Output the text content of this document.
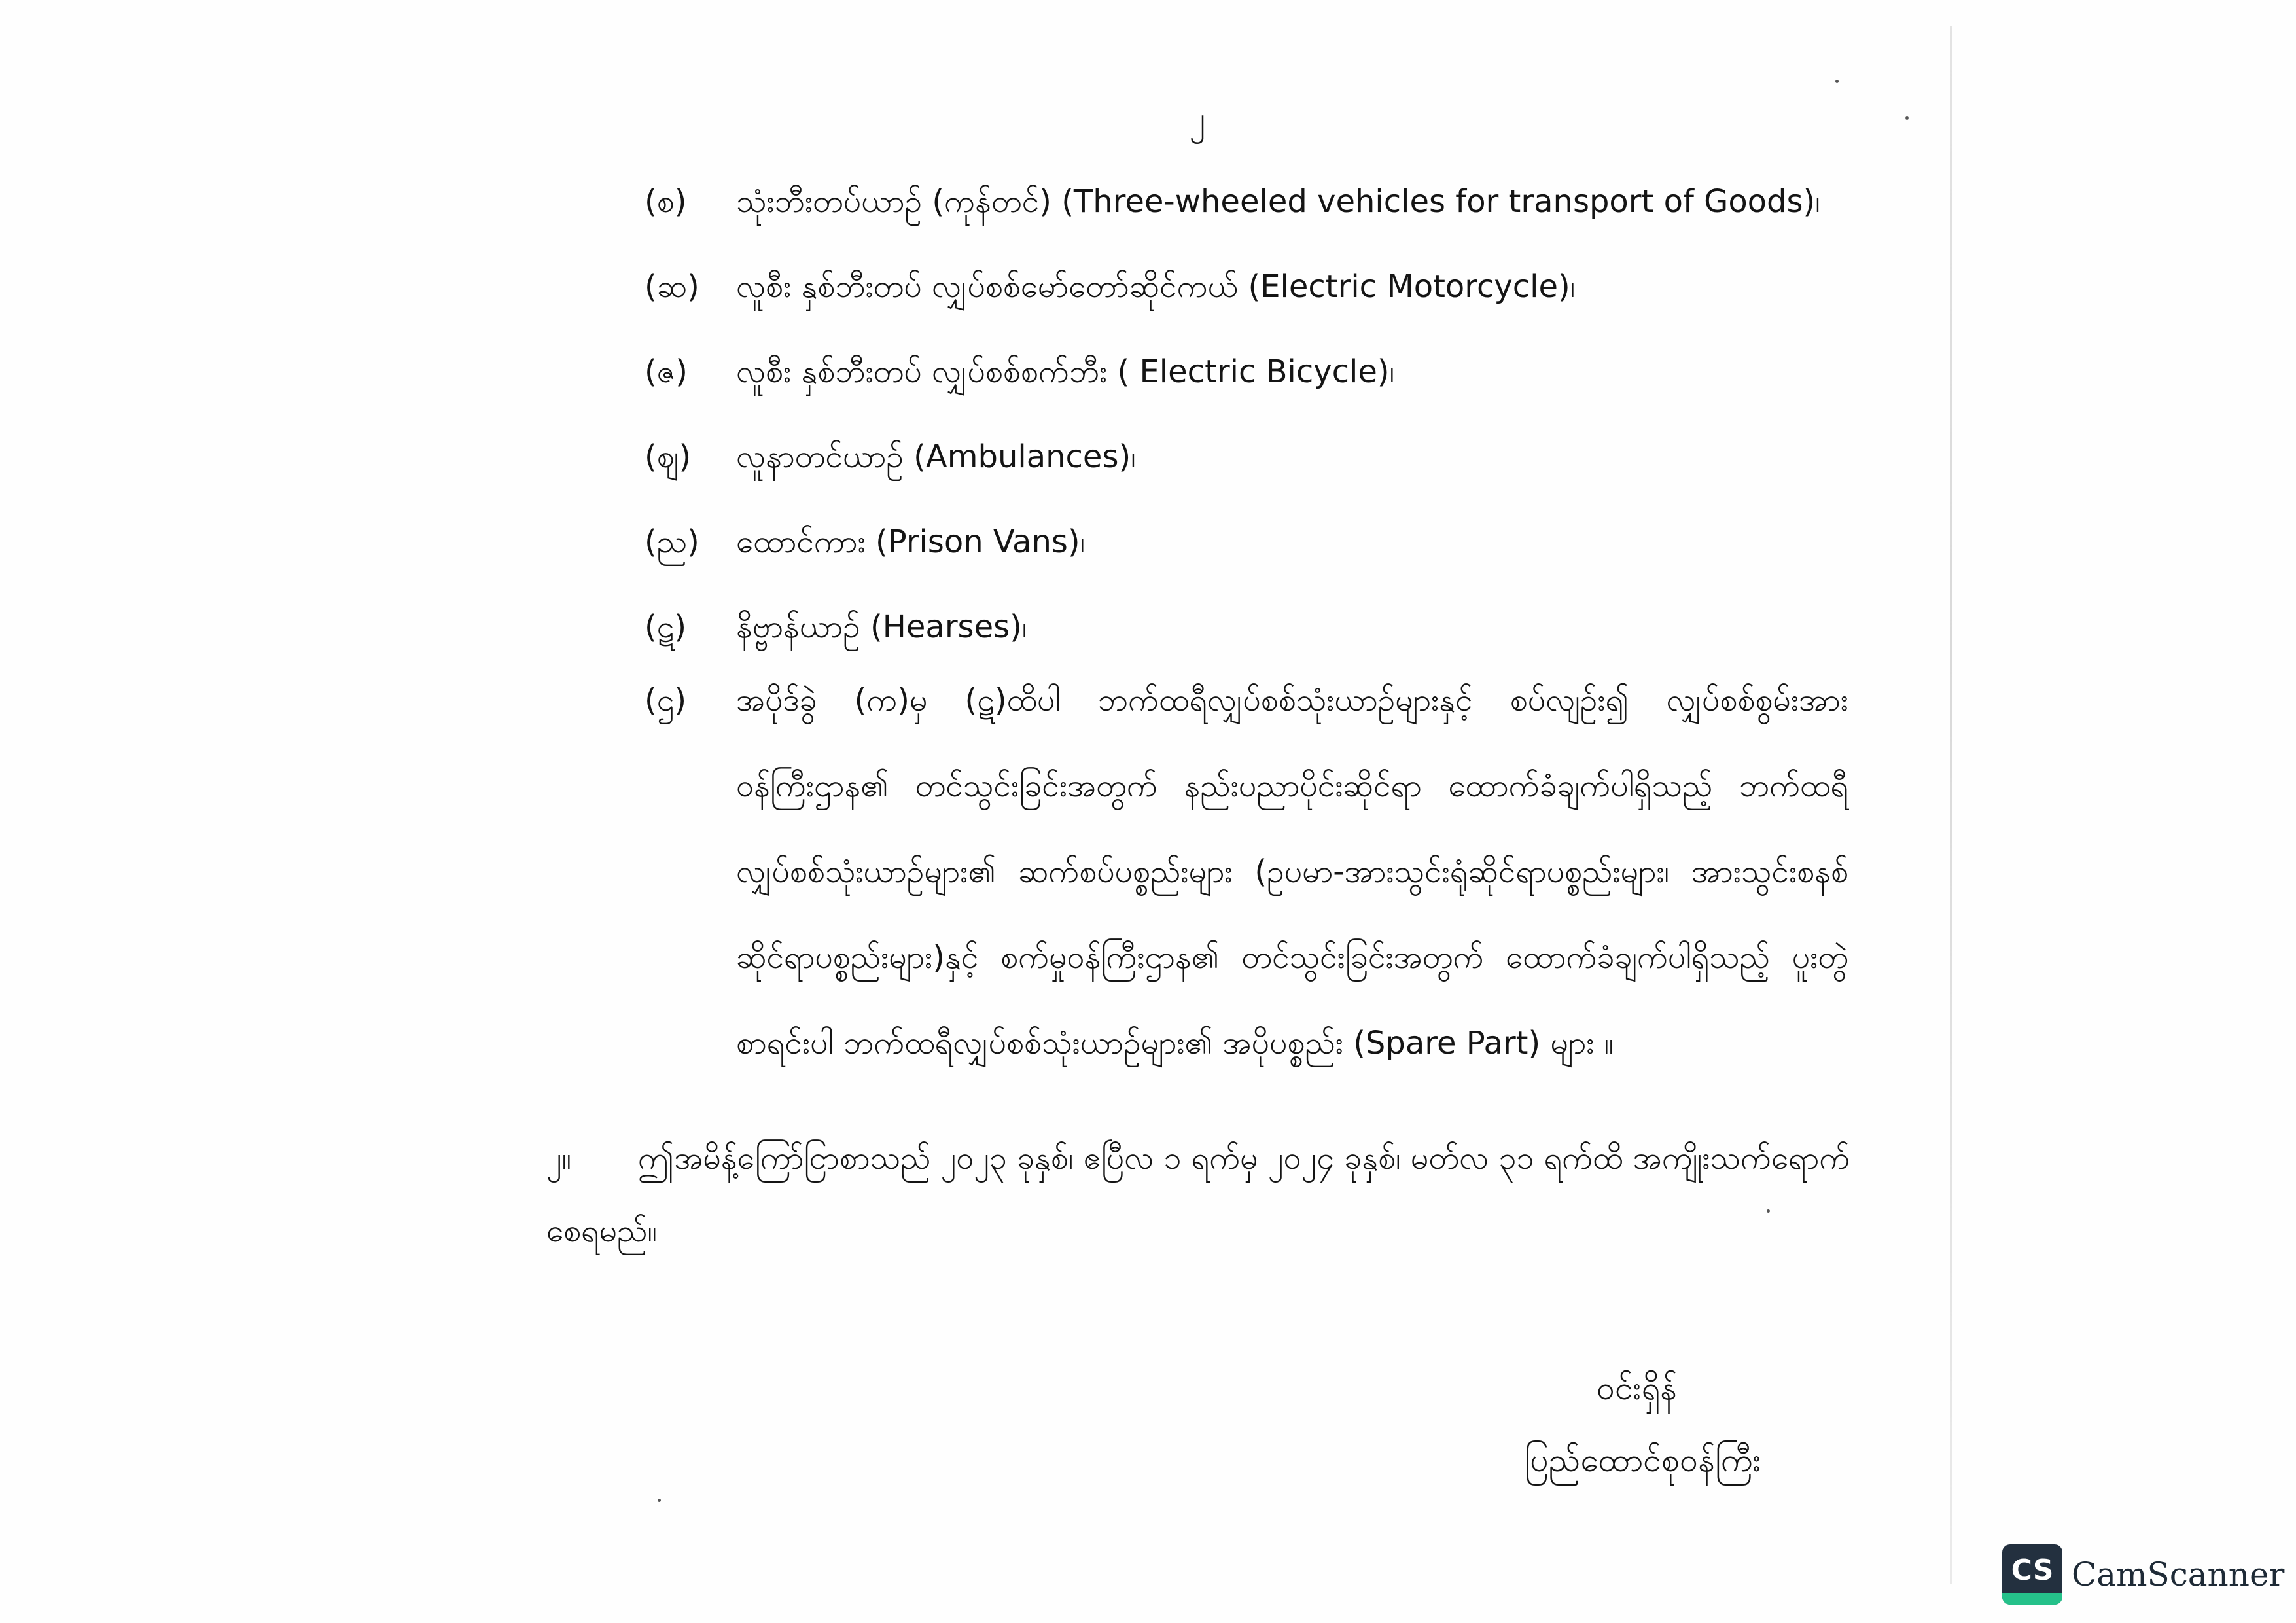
၂
(စ) သုံးဘီးတပ်ယာဉ် (ကုန်တင်) (Three-wheeled vehicles for transport of Goods)၊
(ဆ) လူစီး နှစ်ဘီးတပ် လျှပ်စစ်မော်တော်ဆိုင်ကယ် (Electric Motorcycle)၊
(ဇ) လူစီး နှစ်ဘီးတပ် လျှပ်စစ်စက်ဘီး ( Electric Bicycle)၊
(ဈ) လူနာတင်ယာဉ် (Ambulances)၊
(ည) ထောင်ကား (Prison Vans)၊
(ဋ) နိဗ္ဗာန်ယာဉ် (Hearses)၊
(ဌ) အပိုဒ်ခွဲ (က)မှ (ဋ)ထိပါ ဘက်ထရီလျှပ်စစ်သုံးယာဉ်များနှင့် စပ်လျဉ်း၍ လျှပ်စစ်စွမ်းအားဝန်ကြီးဌာန၏ တင်သွင်းခြင်းအတွက် နည်းပညာပိုင်းဆိုင်ရာ ထောက်ခံချက်ပါရှိသည့် ဘက်ထရီလျှပ်စစ်သုံးယာဉ်များ၏ ဆက်စပ်ပစ္စည်းများ (ဥပမာ-အားသွင်းရုံဆိုင်ရာပစ္စည်းများ၊ အားသွင်းစနစ်ဆိုင်ရာပစ္စည်းများ)နှင့် စက်မှုဝန်ကြီးဌာန၏ တင်သွင်းခြင်းအတွက် ထောက်ခံချက်ပါရှိသည့် ပူးတွဲစာရင်းပါ ဘက်ထရီလျှပ်စစ်သုံးယာဉ်များ၏ အပိုပစ္စည်း (Spare Part) များ ။
၂။ ဤအမိန့်ကြော်ငြာစာသည် ၂၀၂၃ ခုနှစ်၊ ဧပြီလ ၁ ရက်မှ ၂၀၂၄ ခုနှစ်၊ မတ်လ ၃၁ ရက်ထိ အကျိုးသက်ရောက်စေရမည်။
ဝင်းရှိန်
ပြည်ထောင်စုဝန်ကြီး
CS CamScanner
